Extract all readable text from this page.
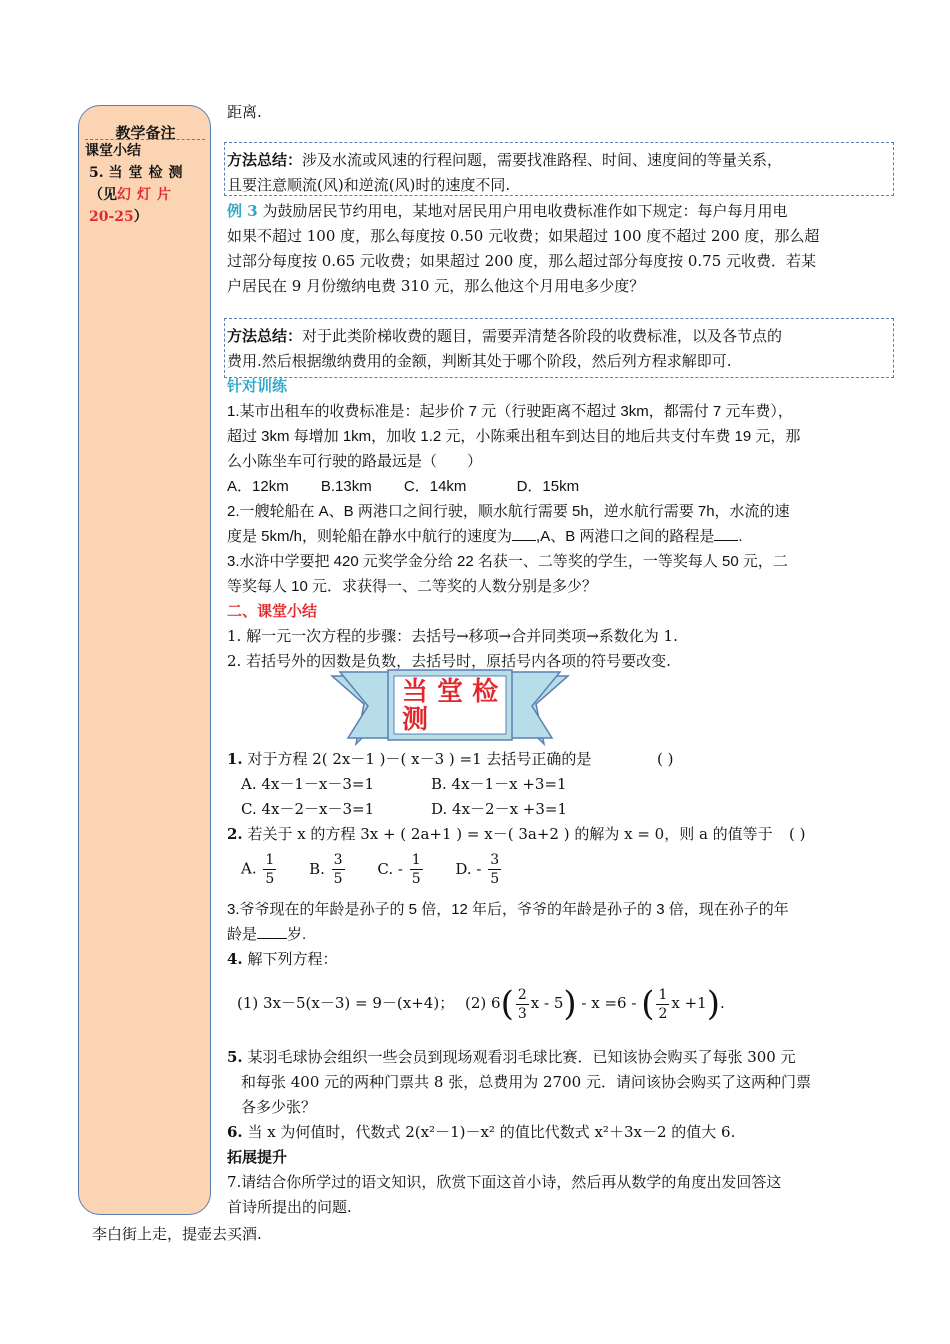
教学备注
课堂小结
5. 当堂检测
（见幻灯片
20-25）
距离.
方法总结：涉及水流或风速的行程问题，需要找准路程、时间、速度间的等量关系，
且要注意顺流(风)和逆流(风)时的速度不同.
例 3 为鼓励居民节约用电，某地对居民用户用电收费标准作如下规定：每户每月用电
如果不超过 100 度，那么每度按 0.50 元收费；如果超过 100 度不超过 200 度，那么超
过部分每度按 0.65 元收费；如果超过 200 度，那么超过部分每度按 0.75 元收费．若某
户居民在 9 月份缴纳电费 310 元，那么他这个月用电多少度？
方法总结：对于此类阶梯收费的题目，需要弄清楚各阶段的收费标准，以及各节点的
费用.然后根据缴纳费用的金额，判断其处于哪个阶段，然后列方程求解即可.
针对训练
1.某市出租车的收费标准是：起步价 7 元（行驶距离不超过 3km，都需付 7 元车费），
超过 3km 每增加 1km，加收 1.2 元，小陈乘出租车到达目的地后共支付车费 19 元，那
么小陈坐车可行驶的路最远是（　　）
A．12km B.13km C．14km	D．15km
2.一艘轮船在 A、B 两港口之间行驶，顺水航行需要 5h，逆水航行需要 7h，水流的速
度是 5km/h，则轮船在静水中航行的速度为 ,A、B 两港口之间的路程是 .
3.水浒中学要把 420 元奖学金分给 22 名获一、二等奖的学生，一等奖每人 50 元，二
等奖每人 10 元．求获得一、二等奖的人数分别是多少？
二、课堂小结
1. 解一元一次方程的步骤：去括号→移项→合并同类项→系数化为 1.
2. 若括号外的因数是负数，去括号时，原括号内各项的符号要改变.
当 堂 检
测
1. 对于方程 2( 2x－1 )－( x－3 ) =1 去括号正确的是	( )
A. 4x－1－x－3=1	B. 4x－1－x +3=1
C. 4x－2－x－3=1	D. 4x－2－x +3=1
2. 若关于 x 的方程 3x + ( 2a+1 ) = x－( 3a+2 ) 的解为 x = 0，则 a 的值等于 ( )
A. $\frac{1}{5} B$. $\frac{3}{5} C$. - $\frac{1}{5} D$. - $\frac{3}{5}$
3.爷爷现在的年龄是孙子的 5 倍，12 年后，爷爷的年龄是孙子的 3 倍，现在孙子的年
龄是 岁.
4. 解下列方程：
(1) 3x－5(x－3) = 9－(x+4)； (2) $6( \frac{2}{3}$ x - 5) - x =6 - ( $\frac{1}{2}$ x +1).
5. 某羽毛球协会组织一些会员到现场观看羽毛球比赛．已知该协会购买了每张 300 元
和每张 400 元的两种门票共 8 张，总费用为 2700 元．请问该协会购买了这两种门票
各多少张？
6. 当 x 为何值时，代数式 2(x²－1)－x² 的值比代数式 x²＋3x－2 的值大 6.
拓展提升
7.请结合你所学过的语文知识，欣赏下面这首小诗，然后再从数学的角度出发回答这
首诗所提出的问题.
李白街上走，提壶去买酒.
